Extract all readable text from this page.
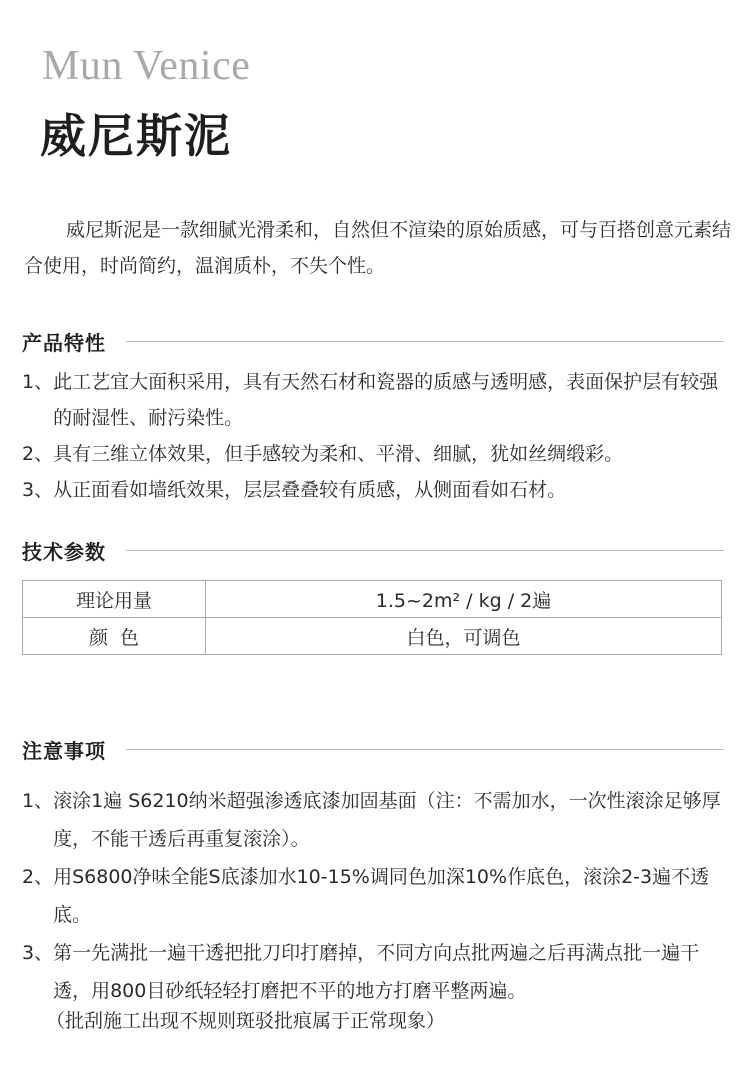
Mun Venice
威尼斯泥

威尼斯泥是一款细腻光滑柔和，自然但不渲染的原始质感，可与百搭创意元素结合使用，时尚简约，温润质朴，不失个性。

产品特性
1、 此工艺宜大面积采用，具有天然石材和瓷器的质感与透明感，表面保护层有较强的耐湿性、耐污染性。
2、 具有三维立体效果，但手感较为柔和、平滑、细腻，犹如丝绸缎彩。
3、 从正面看如墙纸效果，层层叠叠较有质感，从侧面看如石材。
技术参数
理论用量	1.5~2m² / kg / 2遍
颜  色	白色，可调色
注意事项
1、 滚涂1遍 S6210纳米超强渗透底漆加固基面（注：不需加水，一次性滚涂足够厚度，不能干透后再重复滚涂）。
2、 用S6800净味全能S底漆加水10-15%调同色加深10%作底色，滚涂2-3遍不透底。
3、 第一先满批一遍干透把批刀印打磨掉，不同方向点批两遍之后再满点批一遍干透，用800目砂纸轻轻打磨把不平的地方打磨平整两遍。
（批刮施工出现不规则斑驳批痕属于正常现象）
